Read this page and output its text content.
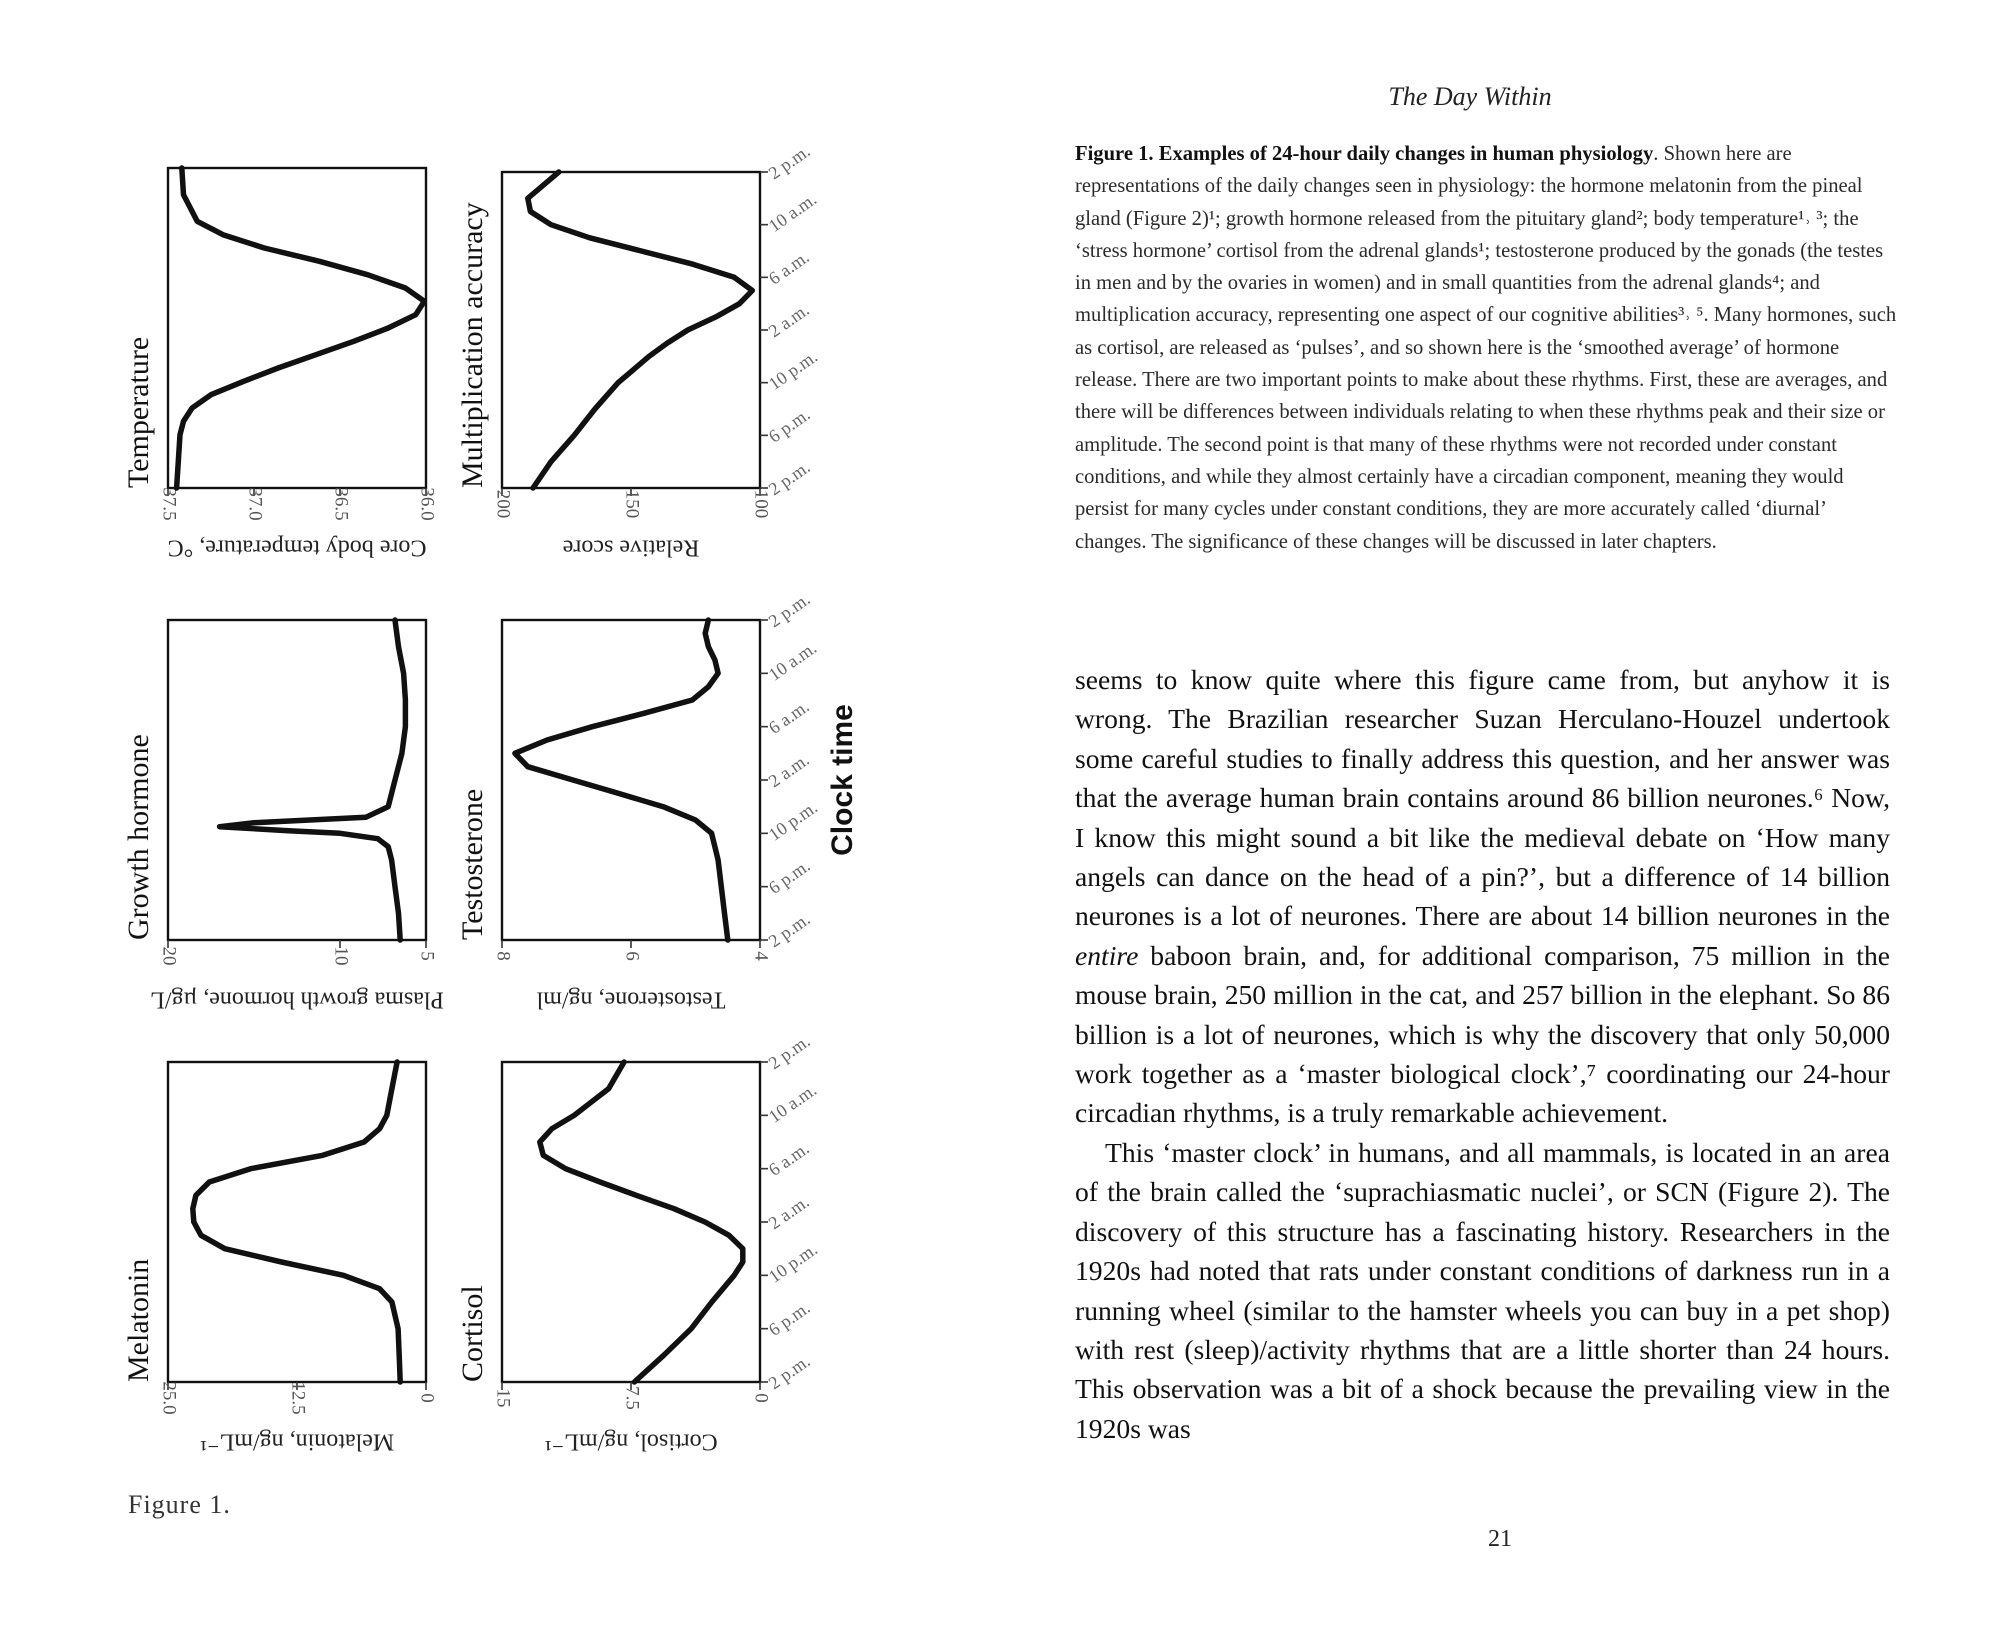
37.5	37.0	36.5	36.0
Core body temperature, °C
Temperature
200	150	100
Relative score
Multiplication accuracy	2 p.m.
6 p.m.
10 p.m.
2 a.m.
6 a.m.
10 a.m.
2 p.m.
20	10	5
Plasma growth hormone, µg/L
Growth hormone
8	6	4
Testosterone, ng/ml
Testosterone	2 p.m.
6 p.m.
10 p.m.
2 a.m.
6 a.m.
10 a.m.
2 p.m.
25.0	12.5	0
Melatonin, ng/mL⁻¹
Melatonin
15	7.5	0
Cortisol, ng/mL⁻¹
Cortisol	2 p.m.
6 p.m.
10 p.m.
2 a.m.
6 a.m.
10 a.m.
2 p.m.
Clock time
Figure 1.
The Day Within
Figure 1. Examples of 24-hour daily changes in human physiology. Shown here are representations of the daily changes seen in physiology: the hormone melatonin from the pineal gland (Figure 2)¹; growth hormone released from the pituitary gland²; body temperature¹˒ ³; the ‘stress hormone’ cortisol from the adrenal glands¹; testosterone produced by the gonads (the testes in men and by the ovaries in women) and in small quantities from the adrenal glands⁴; and multiplication accuracy, representing one aspect of our cognitive abilities³˒ ⁵. Many hormones, such as cortisol, are released as ‘pulses’, and so shown here is the ‘smoothed average’ of hormone release. There are two important points to make about these rhythms. First, these are averages, and there will be differences between individuals relating to when these rhythms peak and their size or amplitude. The second point is that many of these rhythms were not recorded under constant conditions, and while they almost certainly have a circadian component, meaning they would persist for many cycles under constant conditions, they are more accurately called ‘diurnal’ changes. The significance of these changes will be discussed in later chapters.

seems to know quite where this figure came from, but anyhow it is wrong. The Brazilian researcher Suzan Herculano-Houzel undertook some careful studies to finally address this question, and her answer was that the average human brain contains around 86 billion neurones.⁶ Now, I know this might sound a bit like the medieval debate on ‘How many angels can dance on the head of a pin?’, but a difference of 14 billion neurones is a lot of neurones. There are about 14 billion neurones in the entire baboon brain, and, for additional comparison, 75 million in the mouse brain, 250 million in the cat, and 257 billion in the elephant. So 86 billion is a lot of neurones, which is why the discovery that only 50,000 work together as a ‘master biological clock’,⁷ coordinating our 24-hour circadian rhythms, is a truly remarkable achievement.

This ‘master clock’ in humans, and all mammals, is located in an area of the brain called the ‘suprachiasmatic nuclei’, or SCN (Figure 2). The discovery of this structure has a fascinating history. Researchers in the 1920s had noted that rats under constant conditions of darkness run in a running wheel (similar to the hamster wheels you can buy in a pet shop) with rest (sleep)/activity rhythms that are a little shorter than 24 hours. This observation was a bit of a shock because the prevailing view in the 1920s was

21
